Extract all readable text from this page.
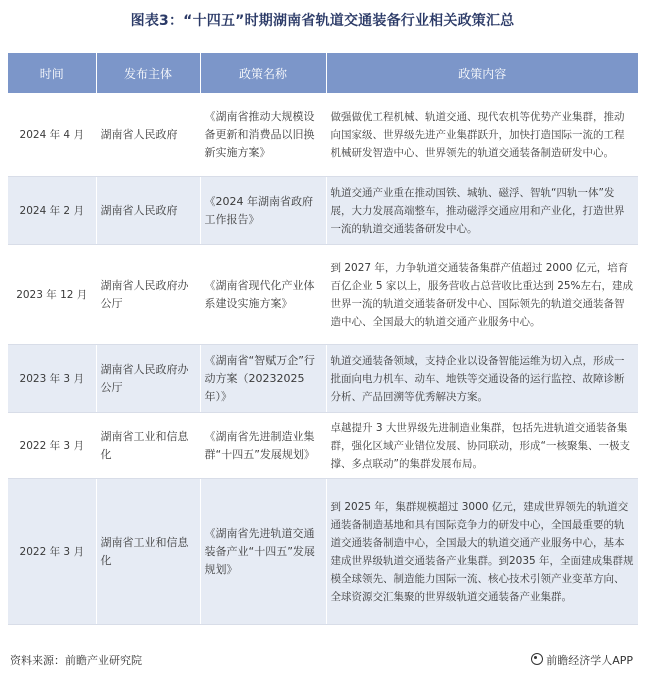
图表3：“十四五”时期湖南省轨道交通装备行业相关政策汇总
时间	发布主体	政策名称	政策内容
2024 年 4 月	湖南省人民政府	《湖南省推动大规模设备更新和消费品以旧换新实施方案》	做强做优工程机械、轨道交通、现代农机等优势产业集群，推动向国家级、世界级先进产业集群跃升，加快打造国际一流的工程机械研发智造中心、世界领先的轨道交通装备制造研发中心。
2024 年 2 月	湖南省人民政府	《2024 年湖南省政府工作报告》	轨道交通产业重在推动国铁、城轨、磁浮、智轨“四轨一体”发展，大力发展高端整车，推动磁浮交通应用和产业化，打造世界一流的轨道交通装备研发中心。
2023 年 12 月	湖南省人民政府办公厅	《湖南省现代化产业体系建设实施方案》	到 2027 年，力争轨道交通装备集群产值超过 2000 亿元，培育百亿企业 5 家以上，服务营收占总营收比重达到 25%左右，建成世界一流的轨道交通装备研发中心、国际领先的轨道交通装备智造中心、全国最大的轨道交通产业服务中心。
2023 年 3 月	湖南省人民政府办公厅	《湖南省“智赋万企”行动方案（20232025年）》	轨道交通装备领域，支持企业以设备智能运维为切入点，形成一批面向电力机车、动车、地铁等交通设备的运行监控、故障诊断分析、产品回溯等优秀解决方案。
2022 年 3 月	湖南省工业和信息化	《湖南省先进制造业集群“十四五”发展规划》	卓越提升 3 大世界级先进制造业集群，包括先进轨道交通装备集群，强化区域产业错位发展、协同联动，形成“一核聚集、一极支撑、多点联动”的集群发展布局。
2022 年 3 月	湖南省工业和信息化	《湖南省先进轨道交通装备产业“十四五”发展规划》	到 2025 年，集群规模超过 3000 亿元，建成世界领先的轨道交通装备制造基地和具有国际竞争力的研发中心，全国最重要的轨道交通装备制造中心，全国最大的轨道交通产业服务中心，基本建成世界级轨道交通装备产业集群。到2035 年，全面建成集群规模全球领先、制造能力国际一流、核心技术引领产业变革方向、全球资源交汇集聚的世界级轨道交通装备产业集群。
资料来源：前瞻产业研究院	前瞻经济学人APP
